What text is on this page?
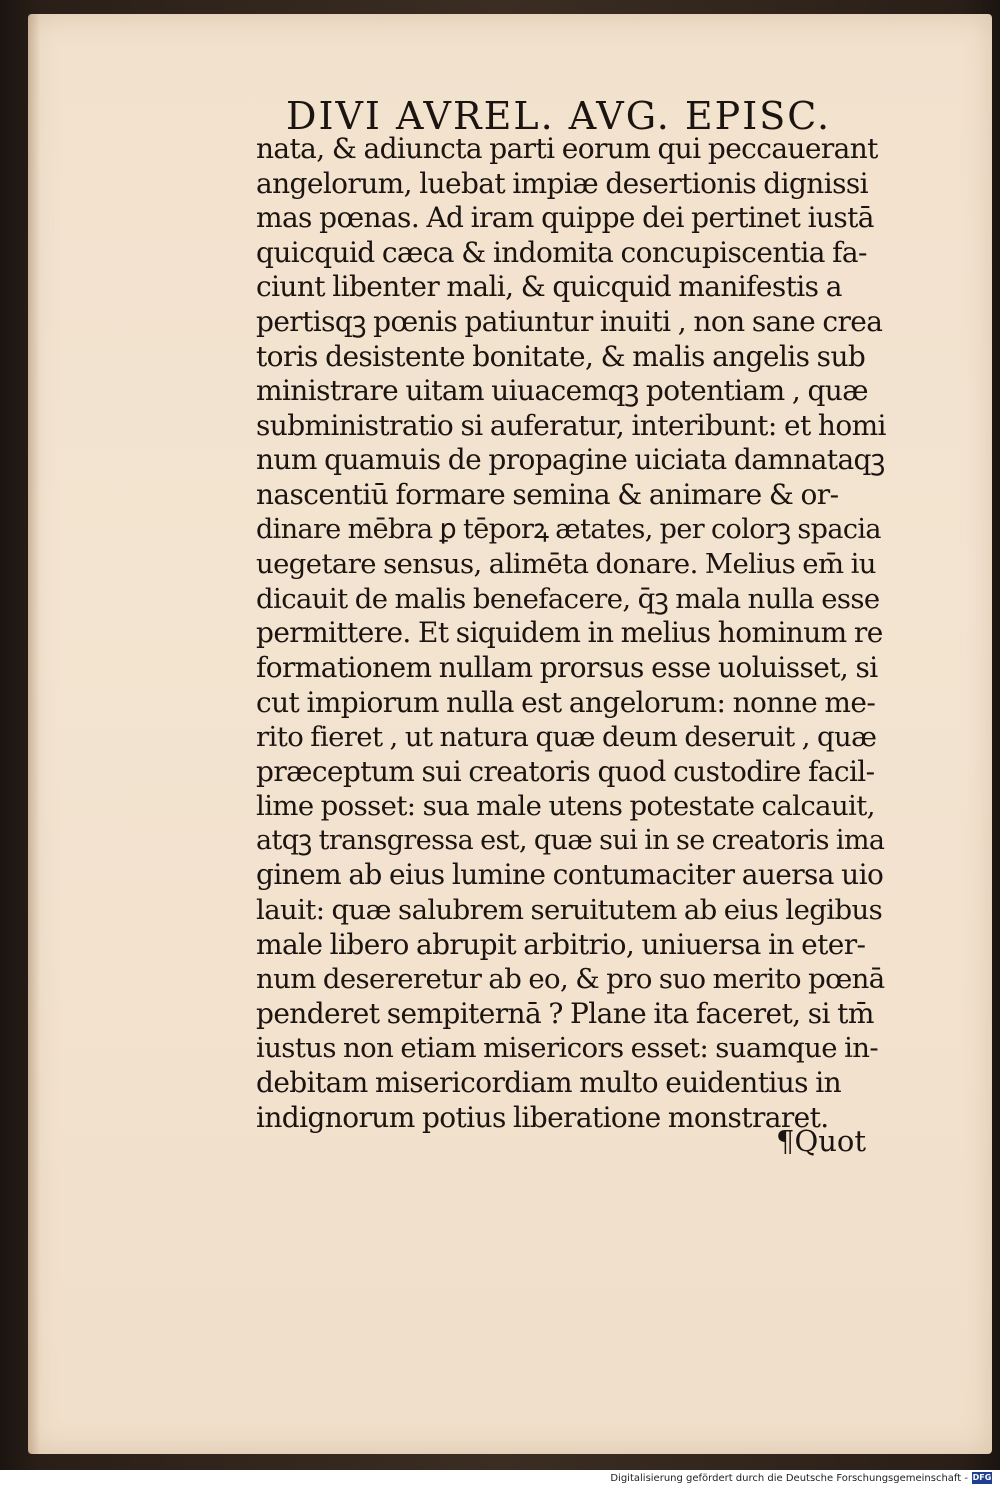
DIVI AVREL. AVG. EPISC.
nata, & adiuncta parti eorum qui peccauerant
angelorum, luebat impiæ desertionis dignissi
mas pœnas. Ad iram quippe dei pertinet iustā
quicquid cæca & indomita concupiscentia fa-
ciunt libenter mali, & quicquid manifestis a
pertisqꝫ pœnis patiuntur inuiti , non sane crea
toris desistente bonitate, & malis angelis sub
ministrare uitam uiuacemqꝫ potentiam , quæ
subministratio si auferatur, interibunt: et homi
num quamuis de propagine uiciata damnataqꝫ
nascentiū formare semina & animare & or-
dinare mēbra ꝑ tēporꝝ ætates, per colorꝫ spacia
uegetare sensus, alimēta donare. Melius em̄ iu
dicauit de malis benefacere, q̄ꝫ mala nulla esse
permittere. Et siquidem in melius hominum re
formationem nullam prorsus esse uoluisset, si
cut impiorum nulla est angelorum: nonne me-
rito fieret , ut natura quæ deum deseruit , quæ
præceptum sui creatoris quod custodire facil-
lime posset: sua male utens potestate calcauit,
atqꝫ transgressa est, quæ sui in se creatoris ima
ginem ab eius lumine contumaciter auersa uio
lauit: quæ salubrem seruitutem ab eius legibus
male libero abrupit arbitrio, uniuersa in eter-
num desereretur ab eo, & pro suo merito pœnā
penderet sempiternā ? Plane ita faceret, si tm̄
iustus non etiam misericors esset: suamque in-
debitam misericordiam multo euidentius in
indignorum potius liberatione monstraret.
¶Quot
Digitalisierung gefördert durch die Deutsche Forschungsgemeinschaft - DFG
